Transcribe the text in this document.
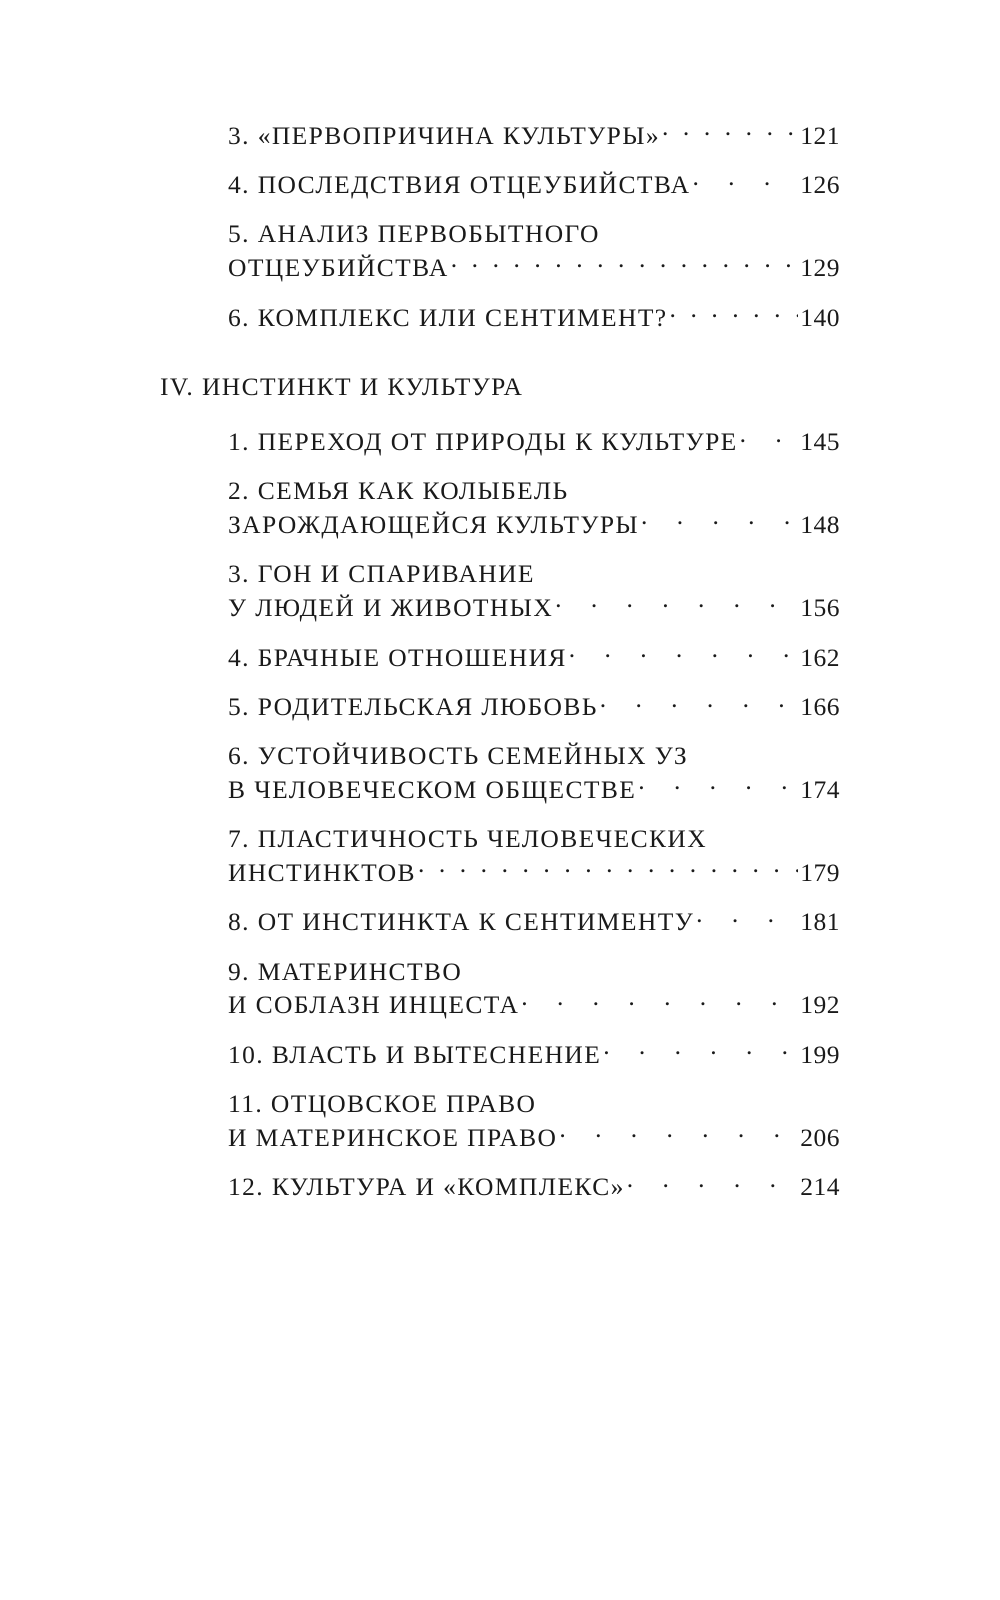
3. «ПЕРВОПРИЧИНА КУЛЬТУРЫ» . . .	121
4. ПОСЛЕДСТВИЯ ОТЦЕУБИЙСТВА . . .	126
5. АНАЛИЗ ПЕРВОБЫТНОГО
ОТЦЕУБИЙСТВА . . .	129
6. КОМПЛЕКС ИЛИ СЕНТИМЕНТ? . . .	140
IV. ИНСТИНКТ И КУЛЬТУРА
1. ПЕРЕХОД ОТ ПРИРОДЫ К КУЛЬТУРЕ . . . 145
2. СЕМЬЯ КАК КОЛЫБЕЛЬ
ЗАРОЖДАЮЩЕЙСЯ КУЛЬТУРЫ . . .	148
3. ГОН И СПАРИВАНИЕ
У ЛЮДЕЙ И ЖИВОТНЫХ . . .	156
4. БРАЧНЫЕ ОТНОШЕНИЯ . . .	162
5. РОДИТЕЛЬСКАЯ ЛЮБОВЬ . . .	166
6. УСТОЙЧИВОСТЬ СЕМЕЙНЫХ УЗ
В ЧЕЛОВЕЧЕСКОМ ОБЩЕСТВЕ . . .	174
7. ПЛАСТИЧНОСТЬ ЧЕЛОВЕЧЕСКИХ
ИНСТИНКТОВ . . .	179
8. ОТ ИНСТИНКТА К СЕНТИМЕНТУ . . .	181
9. МАТЕРИНСТВО
И СОБЛАЗН ИНЦЕСТА . . .	192
10. ВЛАСТЬ И ВЫТЕСНЕНИЕ . . .	199
11. ОТЦОВСКОЕ ПРАВО
И МАТЕРИНСКОЕ ПРАВО . . .	206
12. КУЛЬТУРА И «КОМПЛЕКС» . . .	214
